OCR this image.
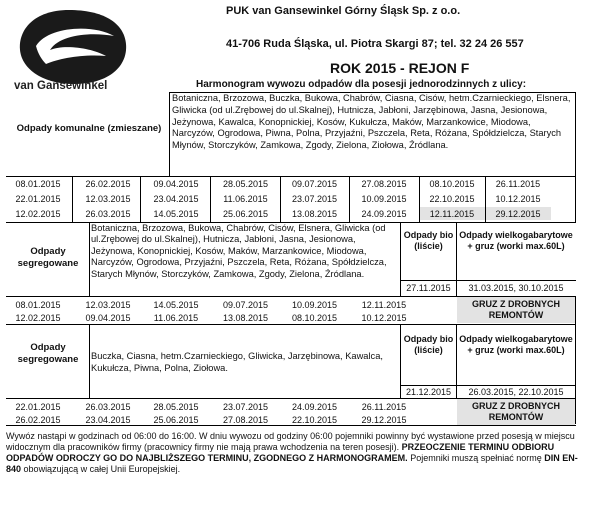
van Gansewinkel
PUK van Gansewinkel Górny Śląsk Sp. z o.o.
41-706 Ruda Śląska, ul. Piotra Skargi 87; tel. 32 24 26 557
ROK 2015 - REJON F
Harmonogram wywozu odpadów dla posesji jednorodzinnych z ulicy:
Botaniczna, Brzozowa, Buczka, Bukowa, Chabrów, Ciasna, Cisów, hetm.Czarnieckiego, Elsnera, Gliwicka (od ul.Zrębowej do ul.Skalnej), Hutnicza, Jabłoni, Jarzębinowa, Jasna, Jesionowa, Jeżynowa, Kawalca, Konopnickiej, Kosów, Kukułcza, Maków, Marzankowice, Miodowa, Narcyzów, Ogrodowa, Piwna, Polna, Przyjaźni, Pszczela, Reta, Różana, Spółdzielcza, Starych Młynów, Storczyków, Zamkowa, Zgody, Zielona, Ziołowa, Źródlana.
Odpady komunalne (zmieszane)
08.01.2015	26.02.2015	09.04.2015	28.05.2015	09.07.2015	27.08.2015	08.10.2015	26.11.2015
22.01.2015	12.03.2015	23.04.2015	11.06.2015	23.07.2015	10.09.2015	22.10.2015	10.12.2015
12.02.2015	26.03.2015	14.05.2015	25.06.2015	13.08.2015	24.09.2015	12.11.2015	29.12.2015
Botaniczna, Brzozowa, Bukowa, Chabrów, Cisów, Elsnera, Gliwicka (od ul.Zrębowej do ul.Skalnej), Hutnicza, Jabłoni, Jasna, Jesionowa, Jeżynowa, Konopnickiej, Kosów, Maków, Marzankowice, Miodowa, Narcyzów, Ogrodowa, Przyjaźni, Pszczela, Reta, Różana, Spółdzielcza, Starych Młynów, Storczyków, Zamkowa, Zgody, Zielona, Źródlana.
Odpady segregowane
Odpady bio (liście)
Odpady wielkogabarytowe + gruz (worki max.60L)
27.11.2015	31.03.2015, 30.10.2015
GRUZ Z DROBNYCH REMONTÓW
08.01.2015	12.03.2015	14.05.2015	09.07.2015	10.09.2015	12.11.2015
12.02.2015	09.04.2015	11.06.2015	13.08.2015	08.10.2015	10.12.2015
Buczka, Ciasna, hetm.Czarnieckiego, Gliwicka, Jarzębinowa, Kawalca, Kukułcza, Piwna, Polna, Ziołowa.
Odpady segregowane
Odpady bio (liście)
Odpady wielkogabarytowe + gruz (worki max.60L)
21.12.2015	26.03.2015, 22.10.2015
GRUZ Z DROBNYCH REMONTÓW
22.01.2015	26.03.2015	28.05.2015	23.07.2015	24.09.2015	26.11.2015
26.02.2015	23.04.2015	25.06.2015	27.08.2015	22.10.2015	29.12.2015
Wywóz nastąpi w godzinach od 06:00 do 16:00. W dniu wywozu od godziny 06:00 pojemniki powinny być wystawione przed posesją w miejscu widocznym dla pracowników firmy (pracownicy firmy nie mają prawa wchodzenia na teren posesji). PRZEOCZENIE TERMINU ODBIORU ODPADÓW ODROCZY GO DO NAJBLIŻSZEGO TERMINU, ZGODNEGO Z HARMONOGRAMEM. Pojemniki muszą spełniać normę DIN EN-840 obowiązującą w całej Unii Europejskiej.
